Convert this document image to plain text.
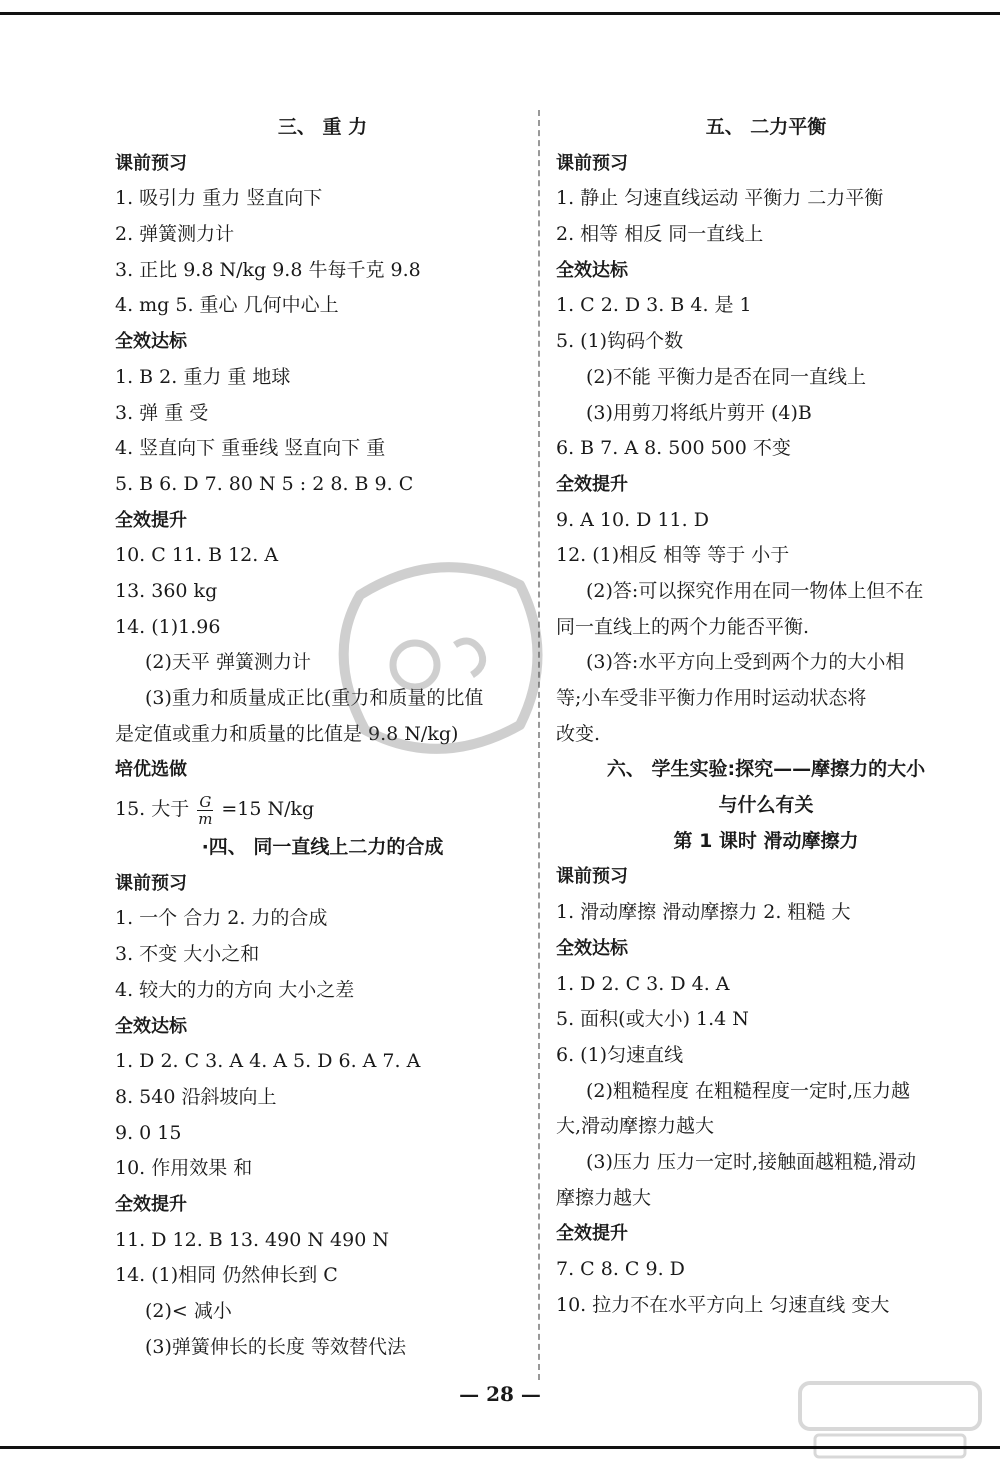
三、 重 力
课前预习
1. 吸引力 重力 竖直向下
2. 弹簧测力计
3. 正比 9.8 N/kg 9.8 牛每千克 9.8
4. mg 5. 重心 几何中心上
全效达标
1. B 2. 重力 重 地球
3. 弹 重 受
4. 竖直向下 重垂线 竖直向下 重
5. B 6. D 7. 80 N 5 : 2 8. B 9. C
全效提升
10. C 11. B 12. A
13. 360 kg
14. (1)1.96
(2)天平 弹簧测力计
(3)重力和质量成正比(重力和质量的比值
是定值或重力和质量的比值是 9.8 N/kg)
培优选做
15. 大于 $\frac{G}{m} =15$ N/kg
·四、 同一直线上二力的合成
课前预习
1. 一个 合力 2. 力的合成
3. 不变 大小之和
4. 较大的力的方向 大小之差
全效达标
1. D 2. C 3. A 4. A 5. D 6. A 7. A
8. 540 沿斜坡向上
9. 0 15
10. 作用效果 和
全效提升
11. D 12. B 13. 490 N 490 N
14. (1)相同 仍然伸长到 C
(2)< 减小
(3)弹簧伸长的长度 等效替代法
五、 二力平衡
课前预习
1. 静止 匀速直线运动 平衡力 二力平衡
2. 相等 相反 同一直线上
全效达标
1. C 2. D 3. B 4. 是 1
5. (1)钩码个数
(2)不能 平衡力是否在同一直线上
(3)用剪刀将纸片剪开 (4)B
6. B 7. A 8. 500 500 不变
全效提升
9. A 10. D 11. D
12. (1)相反 相等 等于 小于
(2)答:可以探究作用在同一物体上但不在
同一直线上的两个力能否平衡.
(3)答:水平方向上受到两个力的大小相
等;小车受非平衡力作用时运动状态将
改变.
六、 学生实验:探究——摩擦力的大小
与什么有关
第 1 课时 滑动摩擦力
课前预习
1. 滑动摩擦 滑动摩擦力 2. 粗糙 大
全效达标
1. D 2. C 3. D 4. A
5. 面积(或大小) 1.4 N
6. (1)匀速直线
(2)粗糙程度 在粗糙程度一定时,压力越
大,滑动摩擦力越大
(3)压力 压力一定时,接触面越粗糙,滑动
摩擦力越大
全效提升
7. C 8. C 9. D
10. 拉力不在水平方向上 匀速直线 变大
— 28 —
